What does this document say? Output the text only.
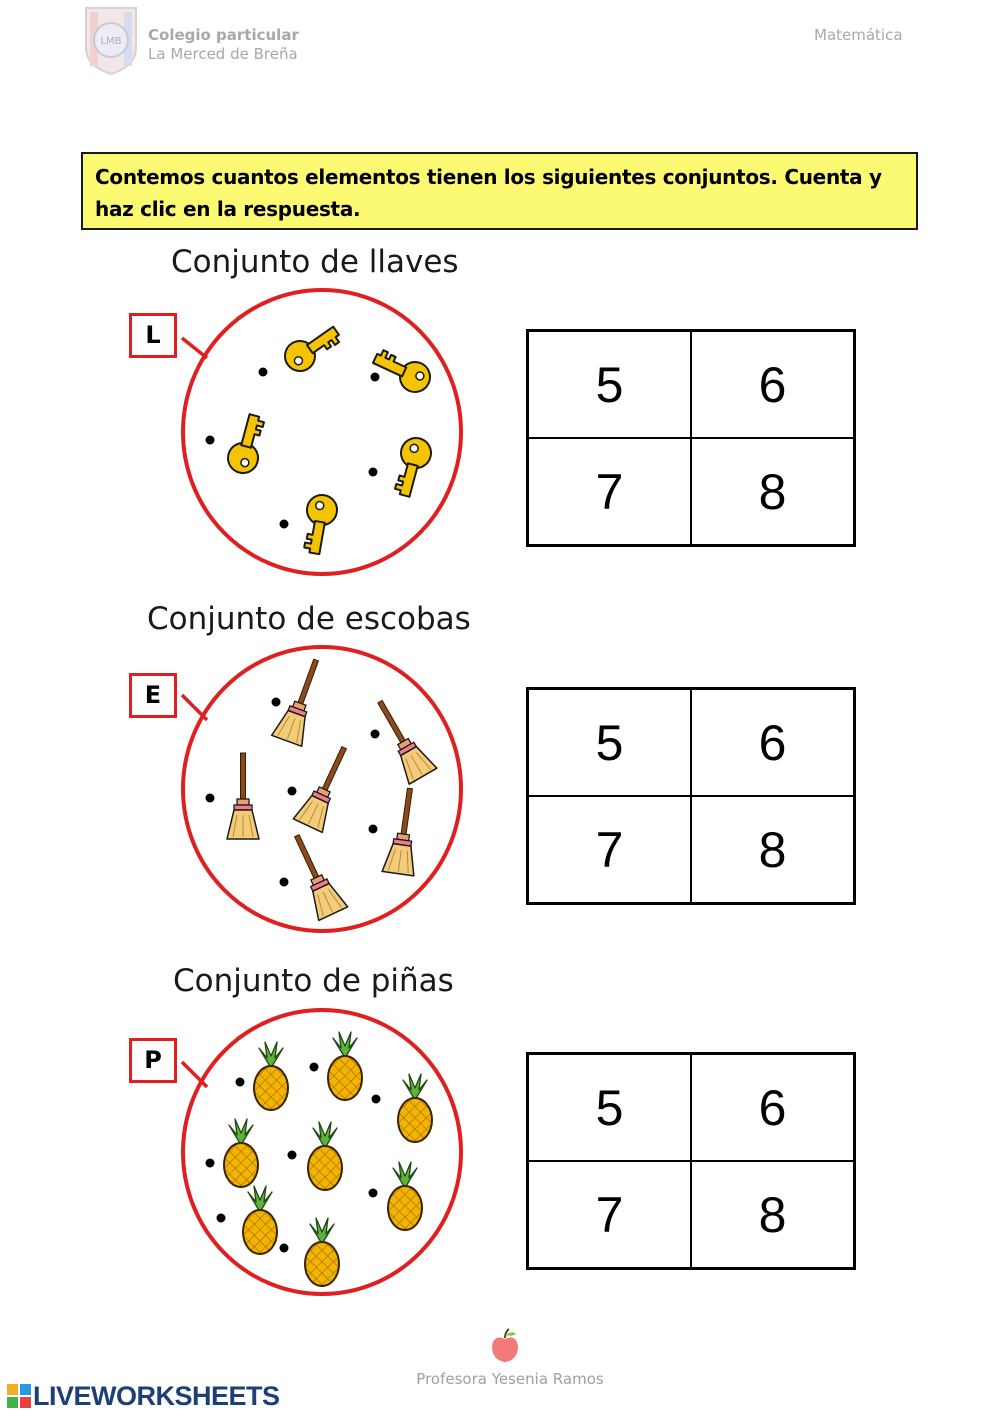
LMB Colegio particular
La Merced de Breña
Matemática
Contemos cuantos elementos tienen los siguientes conjuntos. Cuenta y haz clic en la respuesta.
Conjunto de llaves
L
5	6
7	8
Conjunto de escobas
E
5	6
7	8
Conjunto de piñas
P
5	6
7	8
Profesora Yesenia Ramos
LIVEWORKSHEETS
